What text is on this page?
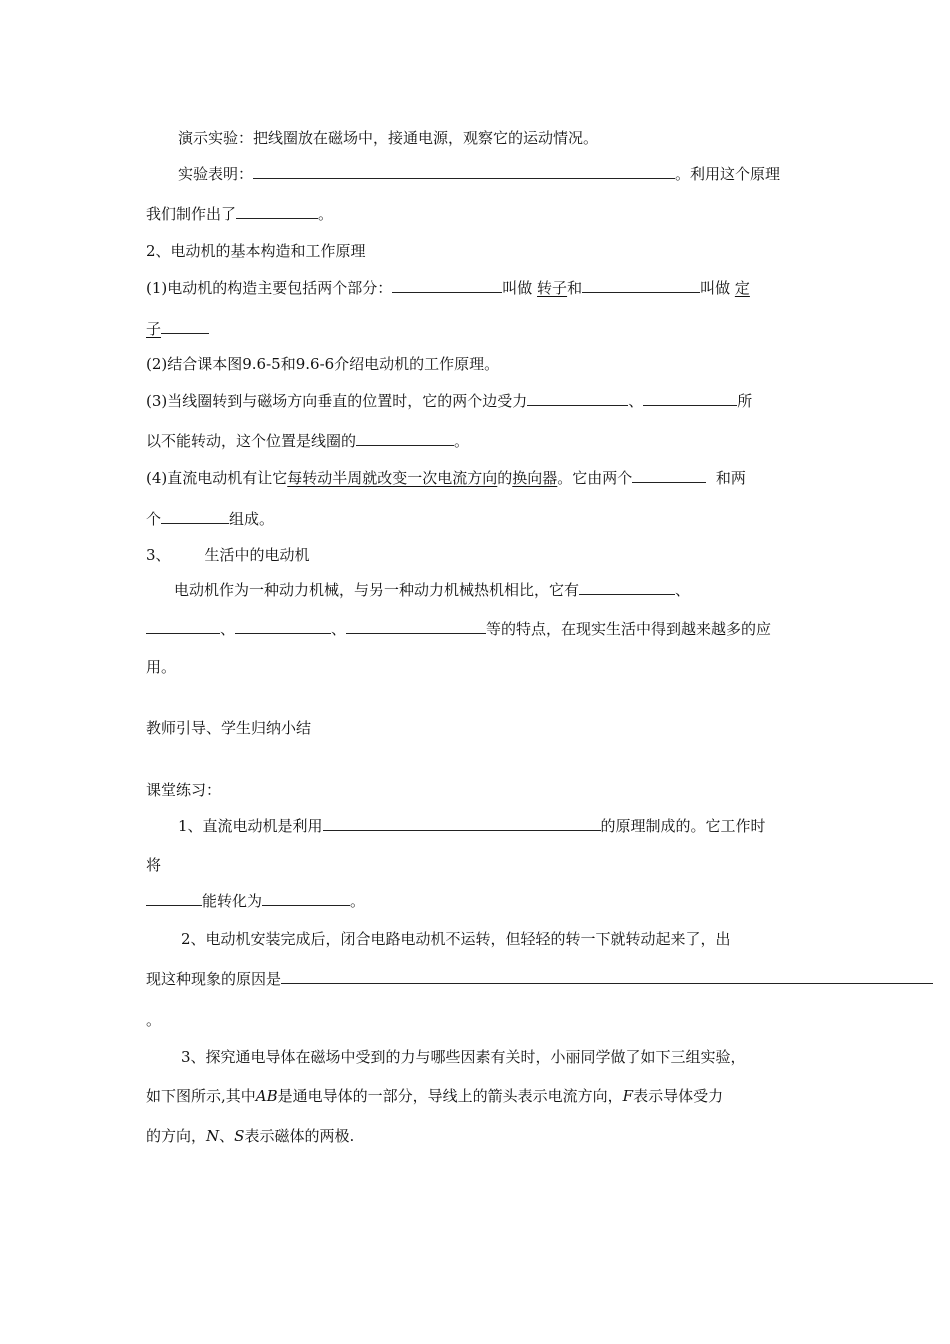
演示实验：把线圈放在磁场中，接通电源，观察它的运动情况。
实验表明：	。利用这个原理
我们制作出了	。
2、电动机的基本构造和工作原理
(1)电动机的构造主要包括两个部分：	叫做 转子和	叫做 定
子
(2)结合课本图9.6-5和9.6-6介绍电动机的工作原理。
(3)当线圈转到与磁场方向垂直的位置时，它的两个边受力	、	所
以不能转动，这个位置是线圈的	。
(4)直流电动机有让它每转动半周就改变一次电流方向的换向器。它由两个	和两
个	组成。
3、 生活中的电动机
电动机作为一种动力机械，与另一种动力机械热机相比，它有	、
、	、	等的特点，在现实生活中得到越来越多的应
用。
教师引导、学生归纳小结
课堂练习：
1、直流电动机是利用	的原理制成的。它工作时
将
能转化为	。
2、电动机安装完成后，闭合电路电动机不运转，但轻轻的转一下就转动起来了，出
现这种现象的原因是
。
3、探究通电导体在磁场中受到的力与哪些因素有关时，小丽同学做了如下三组实验，
如下图所示,其中AB是通电导体的一部分，导线上的箭头表示电流方向，F表示导体受力
的方向，N、S表示磁体的两极.
